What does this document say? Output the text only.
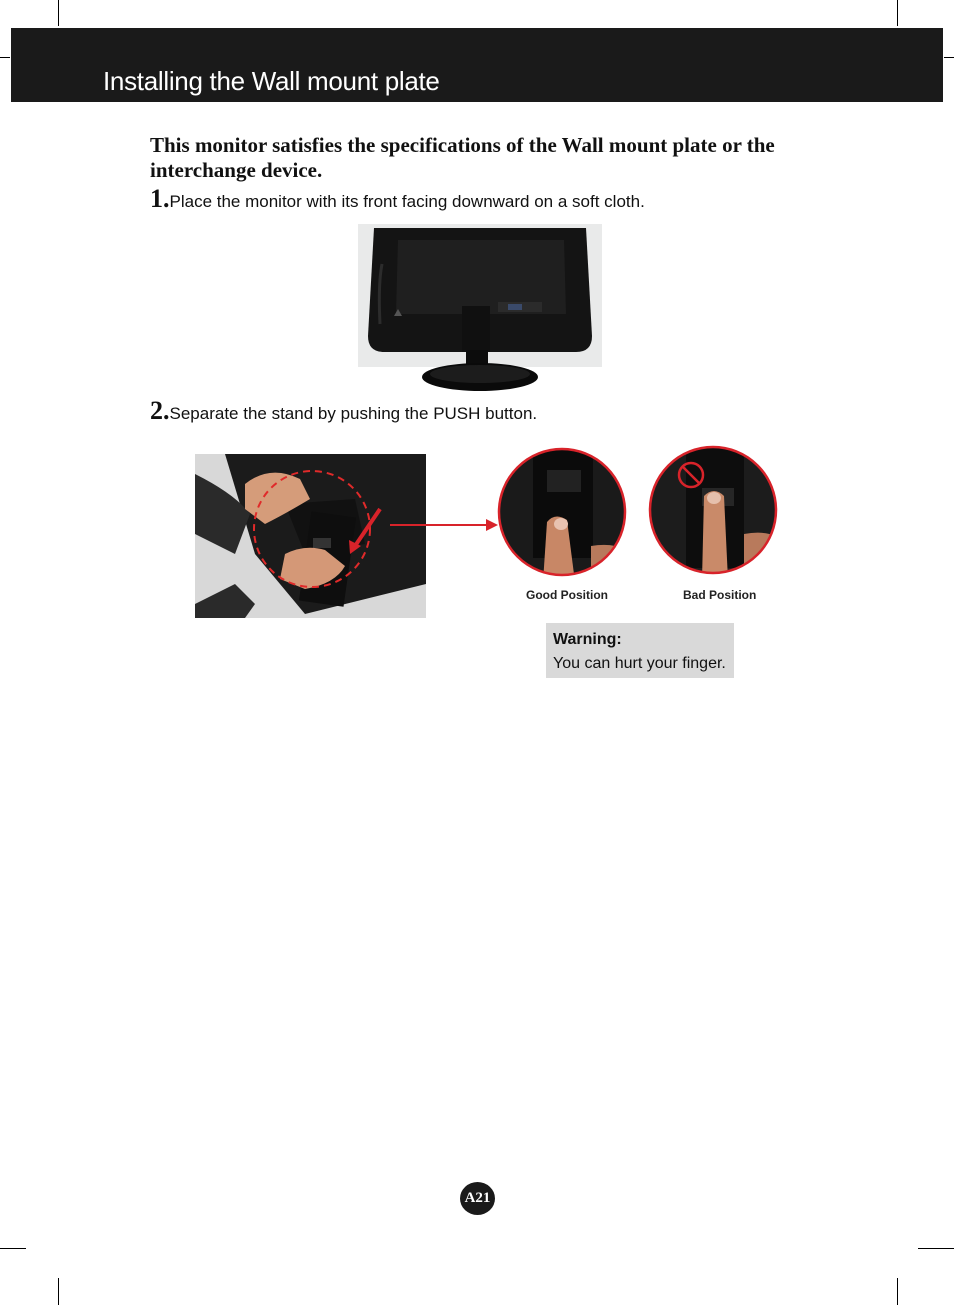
Installing the Wall mount plate
This monitor satisfies the specifications of the Wall mount plate or the interchange device.
1.Place the monitor with its front facing downward on a soft cloth.
2.Separate the stand by pushing the PUSH button.
Good Position	Bad Position
Warning:
You can hurt your finger.
A21
